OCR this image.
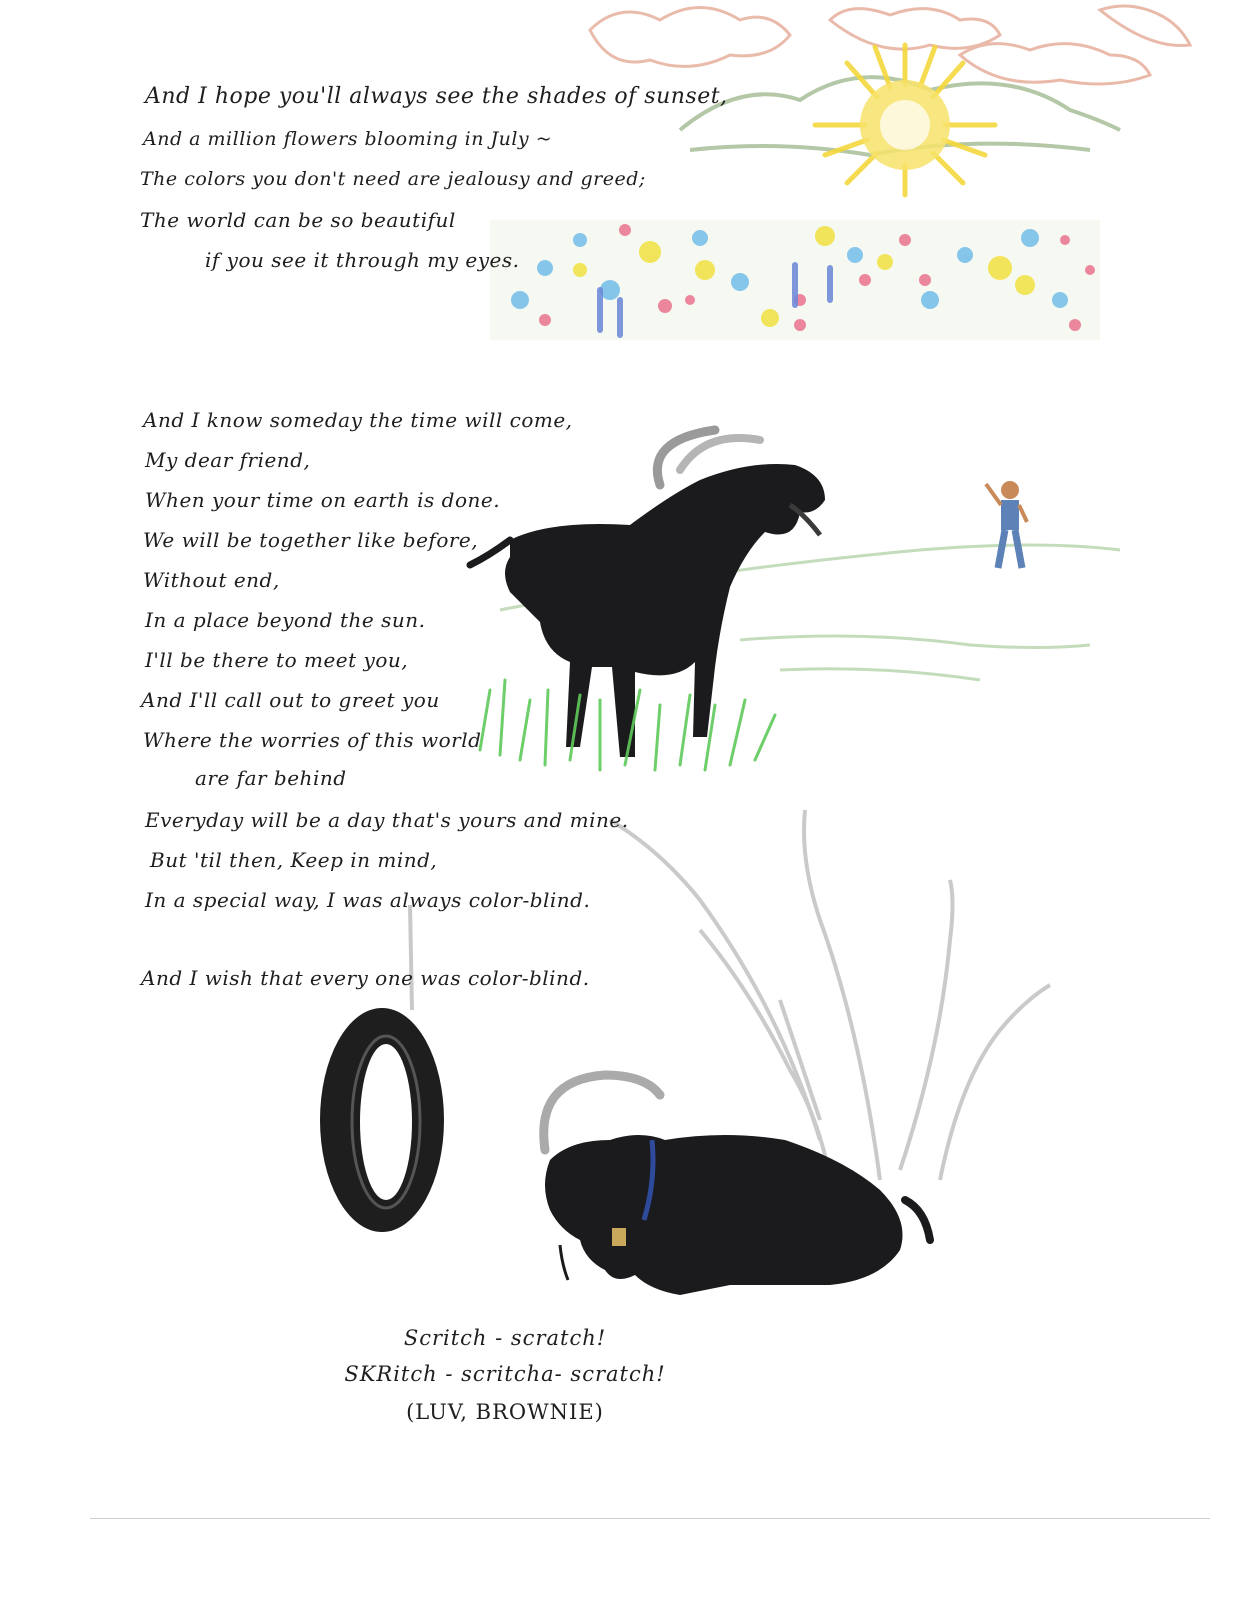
And I hope you'll always see the shades of sunset,

And a million flowers blooming in July ~

The colors you don't need are jealousy and greed;

The world can be so beautiful

if you see it through my eyes.

And I know someday the time will come,

My dear friend,

When your time on earth is done.

We will be together like before,

Without end,

In a place beyond the sun.

I'll be there to meet you,

And I'll call out to greet you

Where the worries of this world

are far behind

Everyday will be a day that's yours and mine.

But 'til then, Keep in mind,

In a special way, I was always color-blind.

And I wish that every one was color-blind.

Scritch - scratch!

SKRitch - scritcha- scratch!

(LUV, BROWNIE)
